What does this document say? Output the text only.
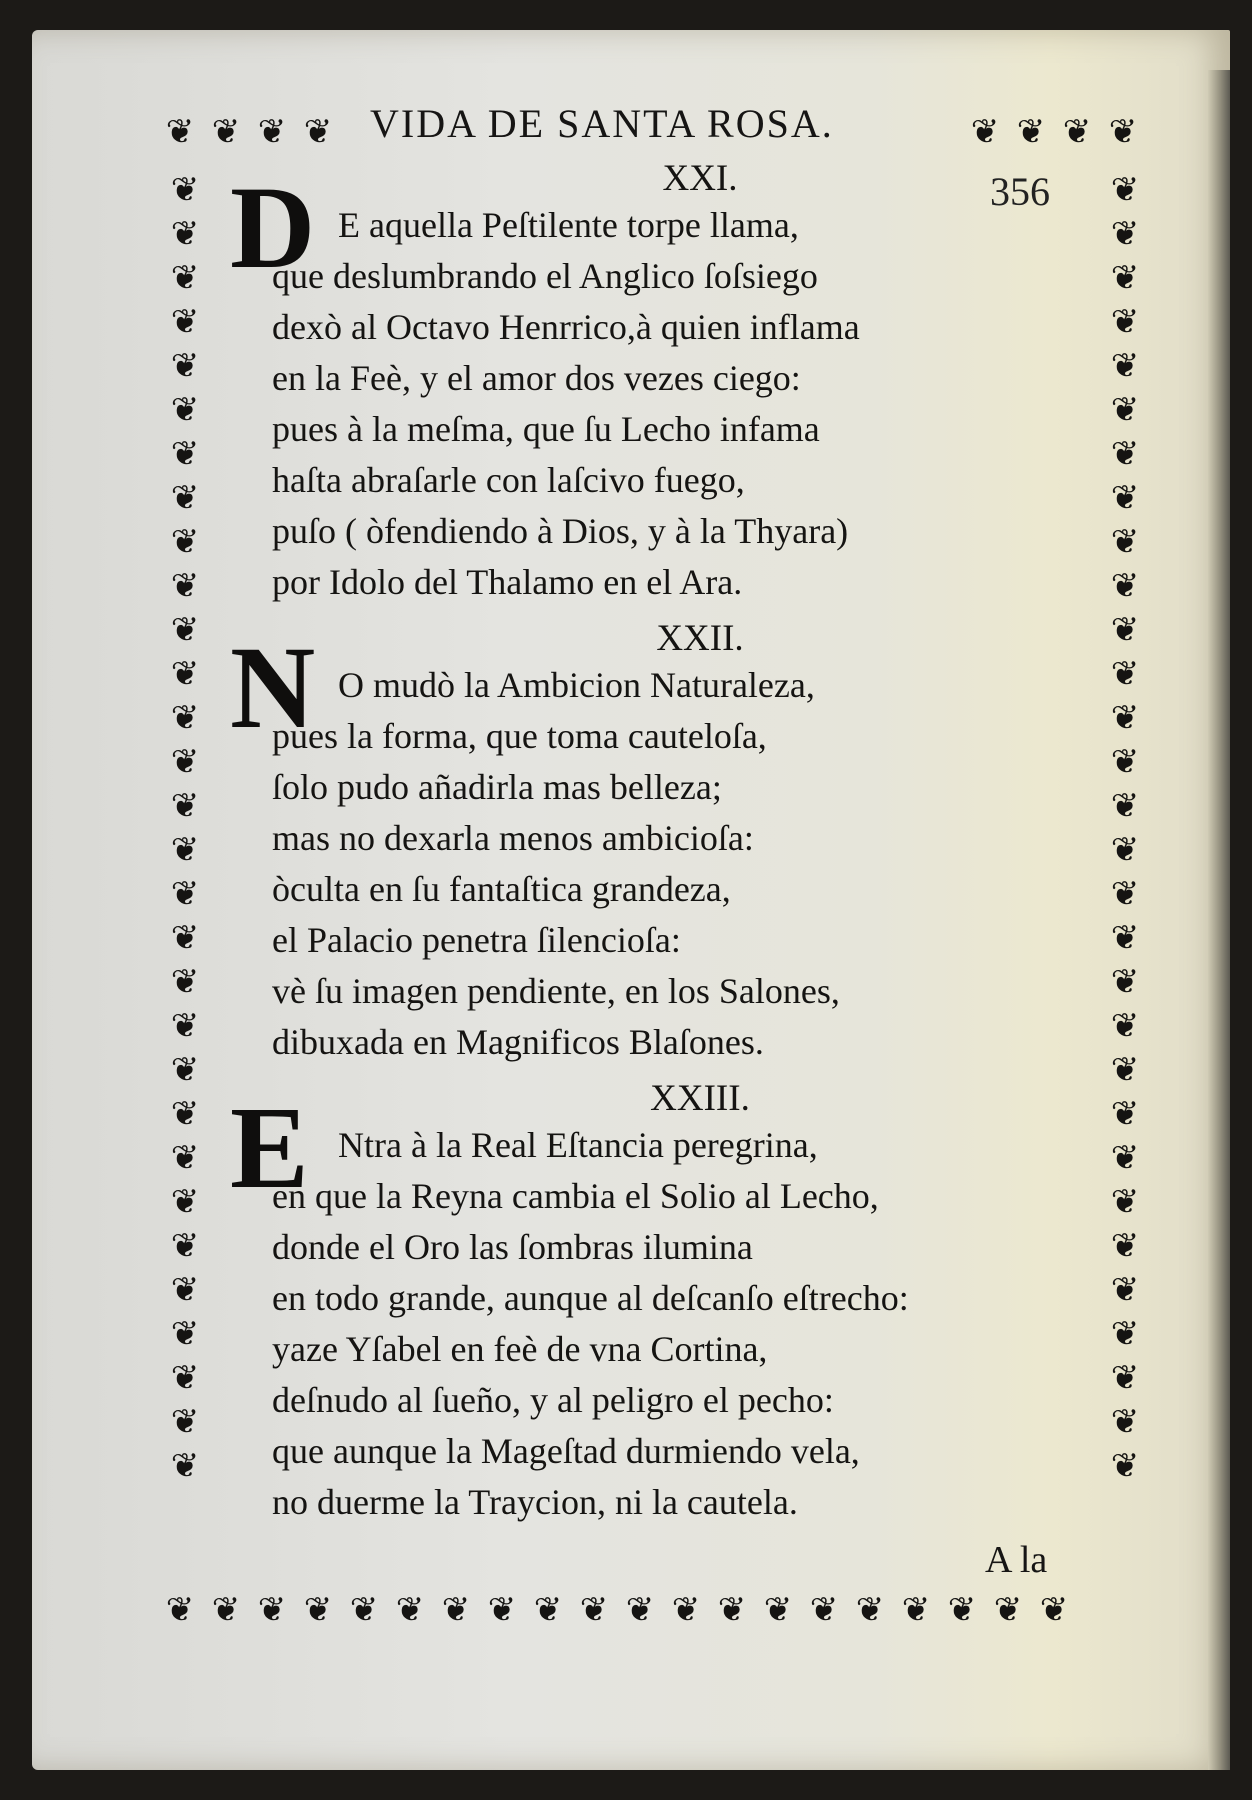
❦ ❦ ❦ ❦	❦ ❦ ❦ ❦
❦ ❦ ❦ ❦ ❦ ❦ ❦ ❦ ❦ ❦ ❦ ❦ ❦ ❦ ❦ ❦ ❦ ❦ ❦ ❦
❦
❦
❦
❦
❦
❦
❦
❦
❦
❦
❦
❦
❦
❦
❦
❦
❦
❦
❦
❦
❦
❦
❦
❦
❦
❦
❦
❦
❦
❦
❦
❦
❦
❦
❦
❦
❦
❦
❦
❦
❦
❦
❦
❦
❦
❦
❦
❦
❦
❦
❦
❦
❦
❦
❦
❦
❦
❦
❦
❦
VIDA DE SANTA ROSA.
356
XXI.
D E aquella Peſtilente torpe llama,
que deslumbrando el Anglico ſoſsiego
dexò al Octavo Henrrico,à quien inflama
en la Feè, y el amor dos vezes ciego:
pues à la meſma, que ſu Lecho infama
haſta abraſarle con laſcivo fuego,
puſo ( òfendiendo à Dios, y à la Thyara)
por Idolo del Thalamo en el Ara.
XXII.
N O mudò la Ambicion Naturaleza,
pues la forma, que toma cauteloſa,
ſolo pudo añadirla mas belleza;
mas no dexarla menos ambicioſa:
òculta en ſu fantaſtica grandeza,
el Palacio penetra ſilencioſa:
vè ſu imagen pendiente, en los Salones,
dibuxada en Magnificos Blaſones.
XXIII.
E Ntra à la Real Eſtancia peregrina,
en que la Reyna cambia el Solio al Lecho,
donde el Oro las ſombras ilumina
en todo grande, aunque al deſcanſo eſtrecho:
yaze Yſabel en feè de vna Cortina,
deſnudo al ſueño, y al peligro el pecho:
que aunque la Mageſtad durmiendo vela,
no duerme la Traycion, ni la cautela.
A la
